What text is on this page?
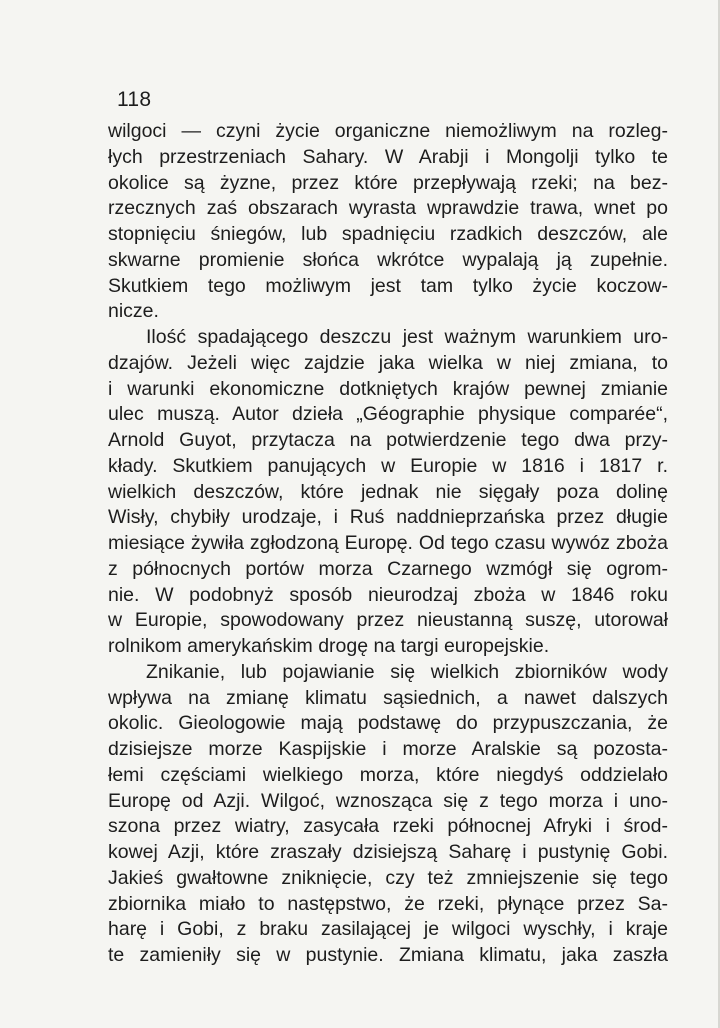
118
wilgoci — czyni życie organiczne niemożliwym na rozleg-
łych przestrzeniach Sahary. W Arabji i Mongolji tylko te
okolice są żyzne, przez które przepływają rzeki; na bez-
rzecznych zaś obszarach wyrasta wprawdzie trawa, wnet po
stopnięciu śniegów, lub spadnięciu rzadkich deszczów, ale
skwarne promienie słońca wkrótce wypalają ją zupełnie.
Skutkiem tego możliwym jest tam tylko życie koczow-
nicze.
Ilość spadającego deszczu jest ważnym warunkiem uro-
dzajów. Jeżeli więc zajdzie jaka wielka w niej zmiana, to
i warunki ekonomiczne dotkniętych krajów pewnej zmianie
ulec muszą. Autor dzieła „Géographie physique comparée“,
Arnold Guyot, przytacza na potwierdzenie tego dwa przy-
kłady. Skutkiem panujących w Europie w 1816 i 1817 r.
wielkich deszczów, które jednak nie sięgały poza dolinę
Wisły, chybiły urodzaje, i Ruś naddnieprzańska przez długie
miesiące żywiła zgłodzoną Europę. Od tego czasu wywóz zboża
z północnych portów morza Czarnego wzmógł się ogrom-
nie. W podobnyż sposób nieurodzaj zboża w 1846 roku
w Europie, spowodowany przez nieustanną suszę, utorował
rolnikom amerykańskim drogę na targi europejskie.
Znikanie, lub pojawianie się wielkich zbiorników wody
wpływa na zmianę klimatu sąsiednich, a nawet dalszych
okolic. Gieologowie mają podstawę do przypuszczania, że
dzisiejsze morze Kaspijskie i morze Aralskie są pozosta-
łemi częściami wielkiego morza, które niegdyś oddzielało
Europę od Azji. Wilgoć, wznosząca się z tego morza i uno-
szona przez wiatry, zasycała rzeki północnej Afryki i środ-
kowej Azji, które zraszały dzisiejszą Saharę i pustynię Gobi.
Jakieś gwałtowne zniknięcie, czy też zmniejszenie się tego
zbiornika miało to następstwo, że rzeki, płynące przez Sa-
harę i Gobi, z braku zasilającej je wilgoci wyschły, i kraje
te zamieniły się w pustynie. Zmiana klimatu, jaka zaszła
